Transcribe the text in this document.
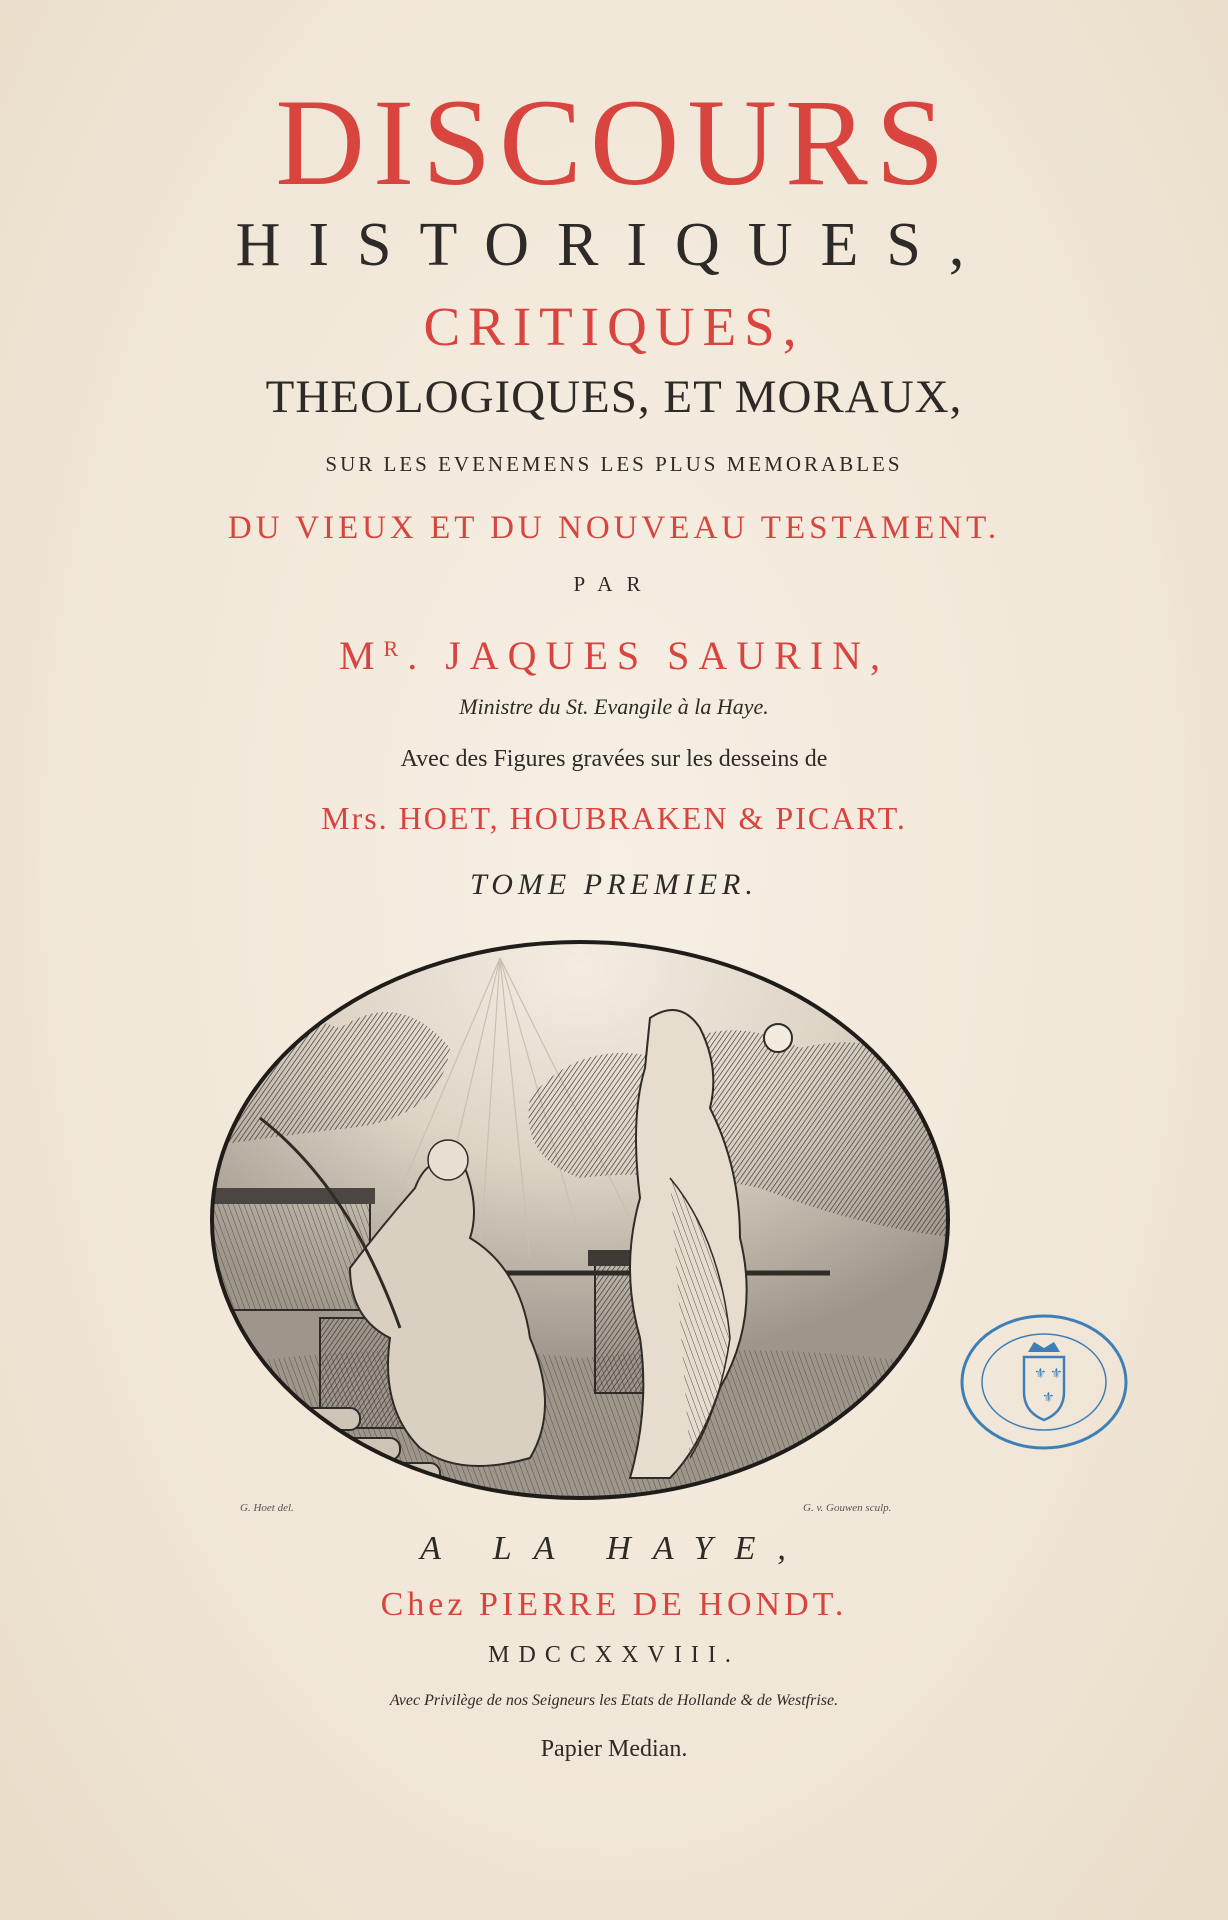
DISCOURS
HISTORIQUES,
CRITIQUES,
THEOLOGIQUES, ET MORAUX,
SUR LES EVENEMENS LES PLUS MEMORABLES
DU VIEUX ET DU NOUVEAU TESTAMENT.
PAR
$M^R$. JAQUES SAURIN,
Ministre du St. Evangile à la Haye.
Avec des Figures gravées sur les desseins de
Mrs. HOET, HOUBRAKEN & PICART.
TOME PREMIER.
G. Hoet del.	G. v. Gouwen sculp.
⚜ ⚜
⚜
A LA HAYE,
Chez PIERRE DE HONDT.
MDCCXXVIII.
Avec Privilège de nos Seigneurs les Etats de Hollande & de Westfrise.
Papier Median.
